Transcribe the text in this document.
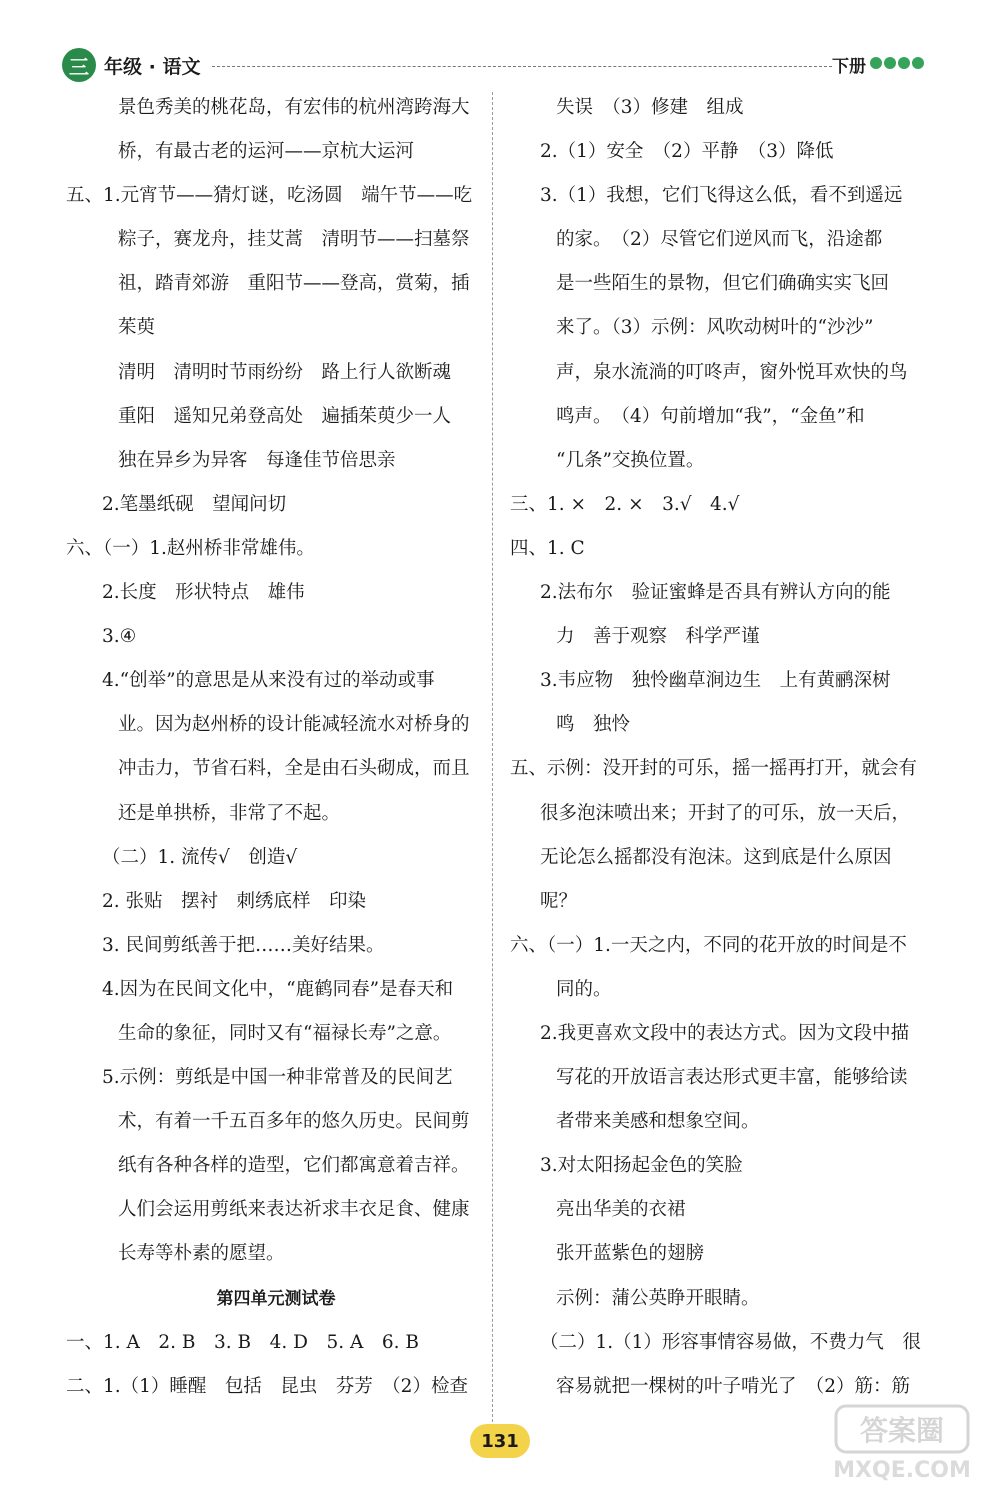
三 年级 · 语文	下册
景色秀美的桃花岛，有宏伟的杭州湾跨海大
桥，有最古老的运河——京杭大运河
五、1.元宵节——猜灯谜，吃汤圆　端午节——吃
粽子，赛龙舟，挂艾蒿　清明节——扫墓祭
祖，踏青郊游　重阳节——登高，赏菊，插
茱萸
清明　清明时节雨纷纷　路上行人欲断魂
重阳　遥知兄弟登高处　遍插茱萸少一人
独在异乡为异客　每逢佳节倍思亲
2.笔墨纸砚　望闻问切
六、（一）1.赵州桥非常雄伟。
2.长度　形状特点　雄伟
3.④
4.“创举”的意思是从来没有过的举动或事
业。因为赵州桥的设计能减轻流水对桥身的
冲击力，节省石料，全是由石头砌成，而且
还是单拱桥，非常了不起。
（二）1. 流传√　创造√
2. 张贴　摆衬　刺绣底样　印染
3. 民间剪纸善于把……美好结果。
4.因为在民间文化中，“鹿鹤同春”是春天和
生命的象征，同时又有“福禄长寿”之意。
5.示例：剪纸是中国一种非常普及的民间艺
术，有着一千五百多年的悠久历史。民间剪
纸有各种各样的造型，它们都寓意着吉祥。
人们会运用剪纸来表达祈求丰衣足食、健康
长寿等朴素的愿望。
第四单元测试卷
一、1. A　2. B　3. B　4. D　5. A　6. B
二、1.（1）睡醒　包括　昆虫　芬芳　（2）检查
失误　（3）修建　组成
2.（1）安全　（2）平静　（3）降低
3.（1）我想，它们飞得这么低，看不到遥远
的家。　（2）尽管它们逆风而飞，沿途都
是一些陌生的景物，但它们确确实实飞回
来了。（3）示例：风吹动树叶的“沙沙”
声，泉水流淌的叮咚声，窗外悦耳欢快的鸟
鸣声。　（4）句前增加“我”，“金鱼”和
“几条”交换位置。
三、1. ×　2. ×　3.√　4.√
四、1. C
2.法布尔　验证蜜蜂是否具有辨认方向的能
力　善于观察　科学严谨
3.韦应物　独怜幽草涧边生　上有黄鹂深树
鸣　独怜
五、示例：没开封的可乐，摇一摇再打开，就会有
很多泡沫喷出来；开封了的可乐，放一天后，
无论怎么摇都没有泡沫。这到底是什么原因
呢？
六、（一）1.一天之内，不同的花开放的时间是不
同的。
2.我更喜欢文段中的表达方式。因为文段中描
写花的开放语言表达形式更丰富，能够给读
者带来美感和想象空间。
3.对太阳扬起金色的笑脸
亮出华美的衣裙
张开蓝紫色的翅膀
示例：蒲公英睁开眼睛。
（二）1.（1）形容事情容易做，不费力气　很
容易就把一棵树的叶子啃光了　（2）筋：筋
131	答案圈
MXQE.COM
